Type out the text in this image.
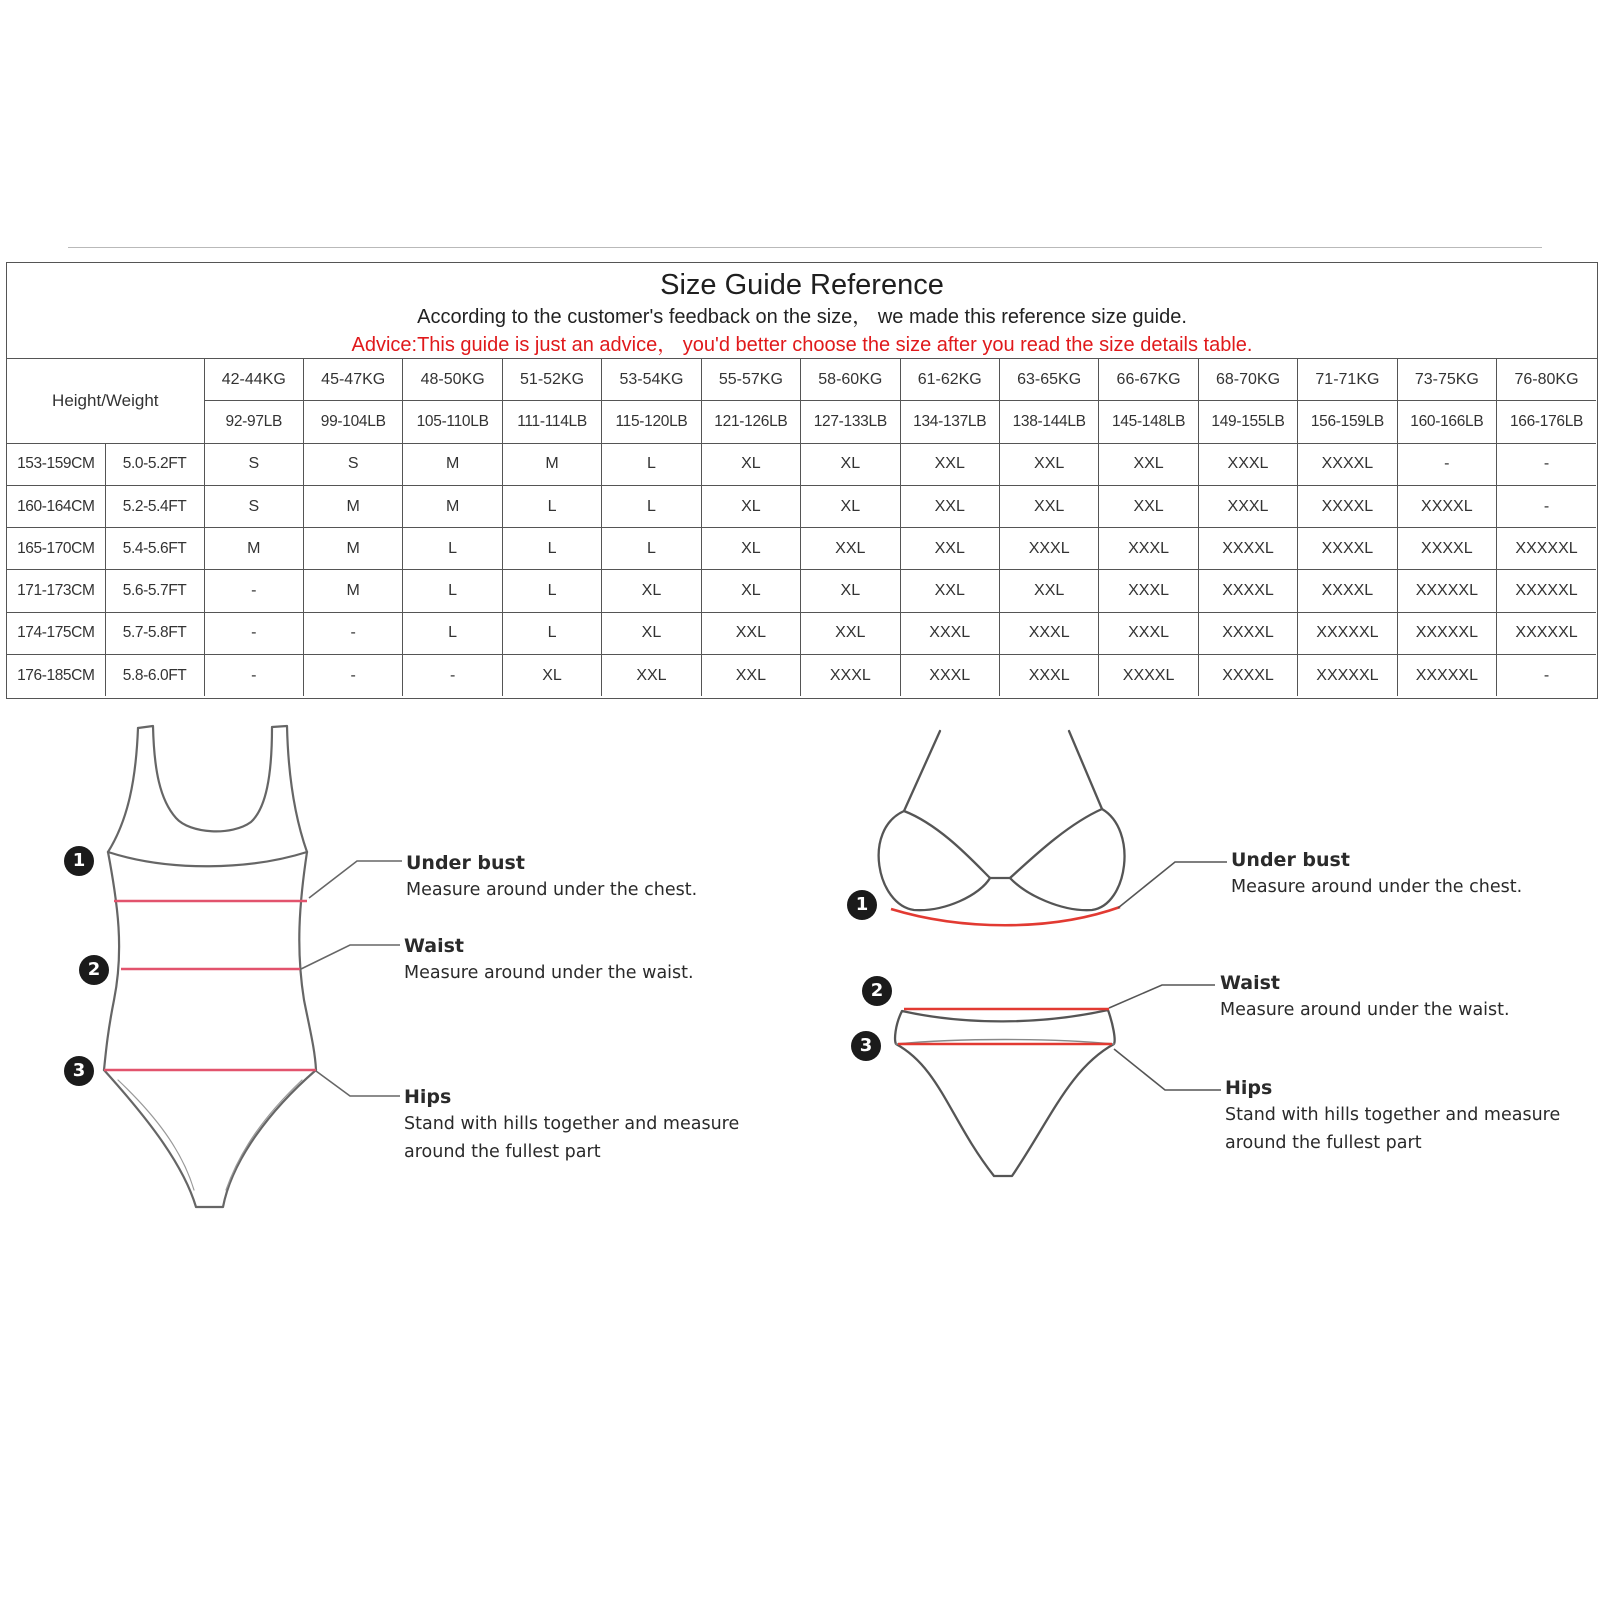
Size Guide Reference
According to the customer's feedback on the size， we made this reference size guide.
Advice:This guide is just an advice， you'd better choose the size after you read the size details table.
Height/Weight		42-44KG	45-47KG	48-50KG	51-52KG	53-54KG	55-57KG	58-60KG	61-62KG	63-65KG	66-67KG	68-70KG	71-71KG	73-75KG	76-80KG
		92-97LB	99-104LB	105-110LB	111-114LB	115-120LB	121-126LB	127-133LB	134-137LB	138-144LB	145-148LB	149-155LB	156-159LB	160-166LB	166-176LB
153-159CM	5.0-5.2FT	S	S	M	M	L	XL	XL	XXL	XXL	XXL	XXXL	XXXXL	-	-
160-164CM	5.2-5.4FT	S	M	M	L	L	XL	XL	XXL	XXL	XXL	XXXL	XXXXL	XXXXL	-
165-170CM	5.4-5.6FT	M	M	L	L	L	XL	XXL	XXL	XXXL	XXXL	XXXXL	XXXXL	XXXXL	XXXXXL
171-173CM	5.6-5.7FT	-	M	L	L	XL	XL	XL	XXL	XXL	XXXL	XXXXL	XXXXL	XXXXXL	XXXXXL
174-175CM	5.7-5.8FT	-	-	L	L	XL	XXL	XXL	XXXL	XXXL	XXXL	XXXXL	XXXXXL	XXXXXL	XXXXXL
176-185CM	5.8-6.0FT	-	-	-	XL	XXL	XXL	XXXL	XXXL	XXXL	XXXXL	XXXXL	XXXXXL	XXXXXL	-
1
2
3
Under bust
Measure around under the chest.
Waist
Measure around under the waist.
Hips
Stand with hills together and measure
around the fullest part
1
2
3
Under bust
Measure around under the chest.
Waist
Measure around under the waist.
Hips
Stand with hills together and measure
around the fullest part
